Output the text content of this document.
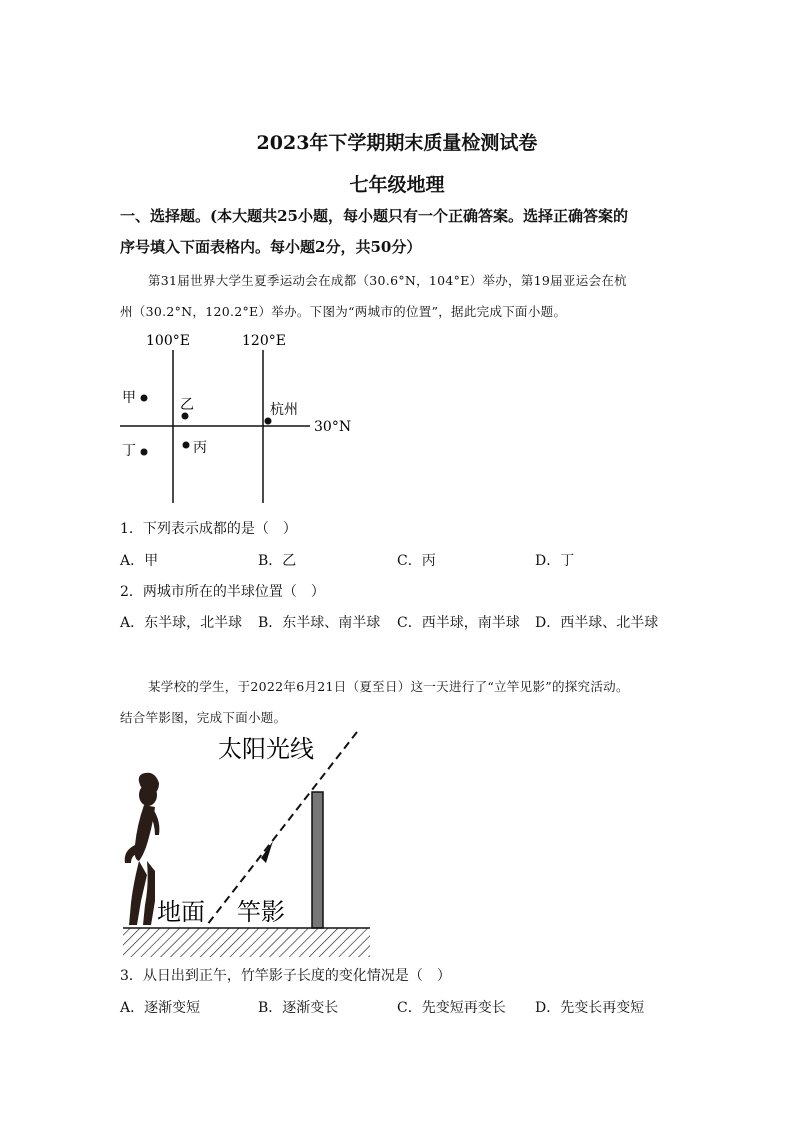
2023年下学期期末质量检测试卷
七年级地理
一、选择题。(本大题共25小题，每小题只有一个正确答案。选择正确答案的
序号填入下面表格内。每小题2分，共50分）
第31届世界大学生夏季运动会在成都（30.6°N，104°E）举办，第19届亚运会在杭
州（30.2°N，120.2°E）举办。下图为“两城市的位置”，据此完成下面小题。
100°E	120°E
30°N
甲	乙	杭州
丁	丙
1．下列表示成都的是（　）
A．甲	B．乙	C．丙	D．丁
2．两城市所在的半球位置（　）
A．东半球，北半球 B．东半球、南半球 C．西半球，南半球 D．西半球、北半球
某学校的学生，于2022年6月21日（夏至日）这一天进行了“立竿见影”的探究活动。
结合竿影图，完成下面小题。
太阳光线
地面 竿影
3．从日出到正午，竹竿影子长度的变化情况是（　）
A．逐渐变短	B．逐渐变长	C．先变短再变长 D．先变长再变短
